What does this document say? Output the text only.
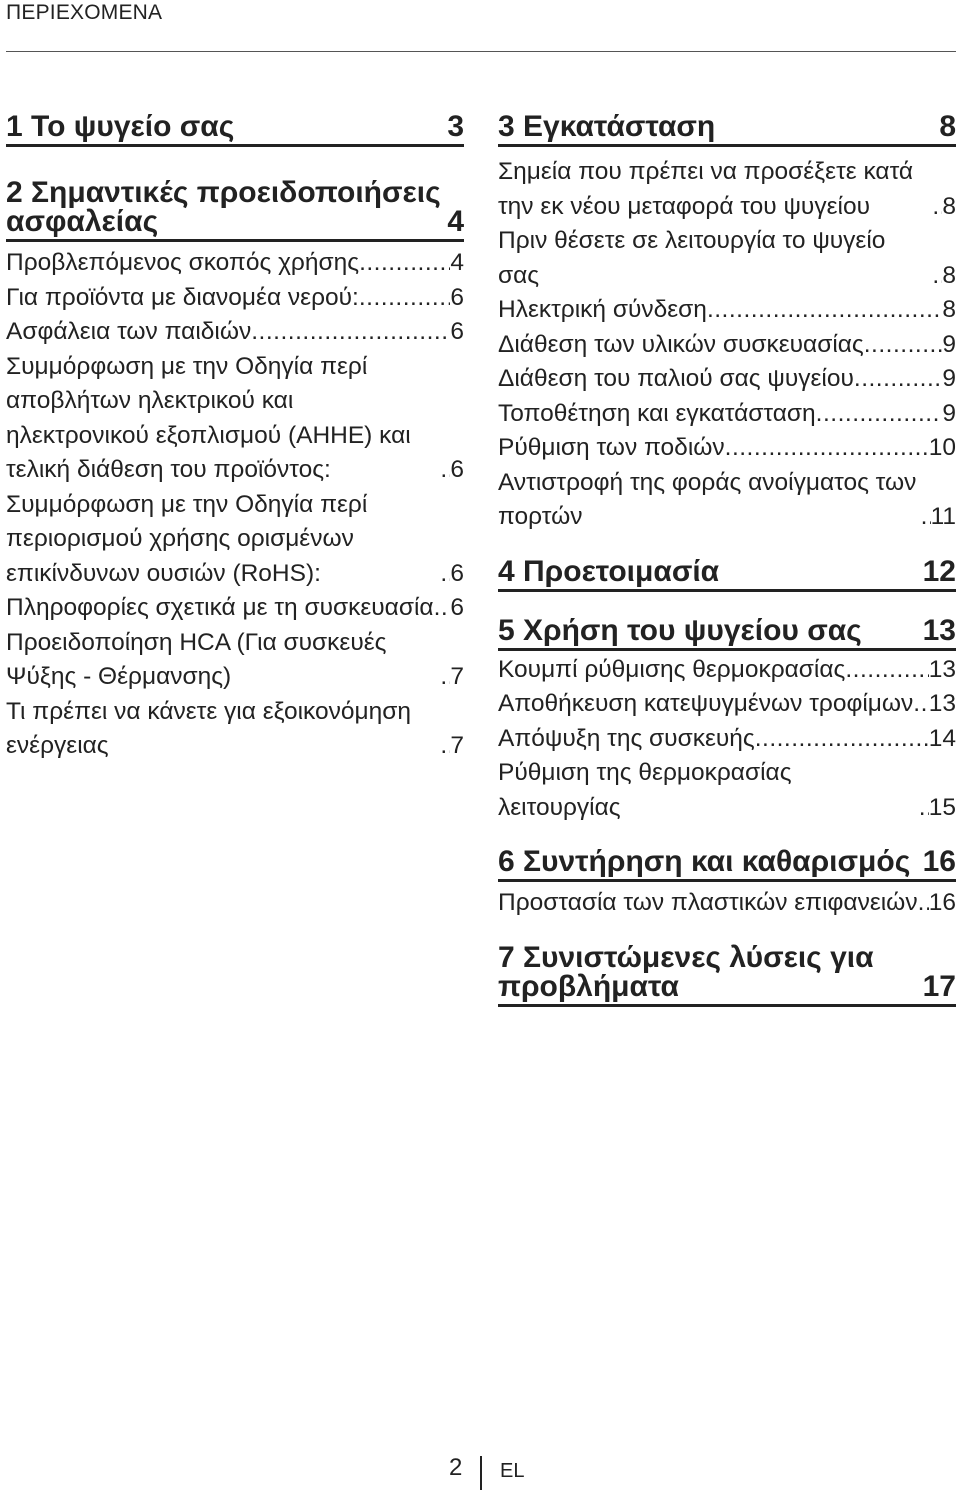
ΠΕΡΙΕΧΟΜΕΝΑ
1 Το ψυγείο σας	3
2 Σημαντικές προειδοποιήσεις ασφαλείας	4
Προβλεπόμενος σκοπός χρήσης .....	4
Για προϊόντα με διανομέα νερού: .....	6
Ασφάλεια των παιδιών .....	6
Συμμόρφωση με την Οδηγία περί αποβλήτων ηλεκτρικού και ηλεκτρονικού εξοπλισμού (ΑΗΗΕ) και τελική διάθεση του προϊόντος: .....	6
Συμμόρφωση με την Οδηγία περί περιορισμού χρήσης ορισμένων επικίνδυνων ουσιών (RoHS): .....	6
Πληροφορίες σχετικά με τη συσκευασία ..... 6
Προειδοποίηση HCA (Για συσκευές Ψύξης - Θέρμανσης) .....	7
Τι πρέπει να κάνετε για εξοικονόμηση ενέργειας .....	7
3 Εγκατάσταση	8
Σημεία που πρέπει να προσέξετε κατά την εκ νέου μεταφορά του ψυγείου .....	8
Πριν θέσετε σε λειτουργία το ψυγείο σας .....	8
Ηλεκτρική σύνδεση .....	8
Διάθεση των υλικών συσκευασίας .....	9
Διάθεση του παλιού σας ψυγείου .....	9
Τοποθέτηση και εγκατάσταση .....	9
Ρύθμιση των ποδιών .....	10
Αντιστροφή της φοράς ανοίγματος των πορτών .....	11
4 Προετοιμασία	12
5 Χρήση του ψυγείου σας	13
Κουμπί ρύθμισης θερμοκρασίας .....	13
Αποθήκευση κατεψυγμένων τροφίμων ..... 13
Απόψυξη της συσκευής .....	14
Ρύθμιση της θερμοκρασίας λειτουργίας .....	15
6 Συντήρηση και καθαρισμός 16
Προστασία των πλαστικών επιφανειών ..... 16
7 Συνιστώμενες λύσεις για προβλήματα	17
2 EL
